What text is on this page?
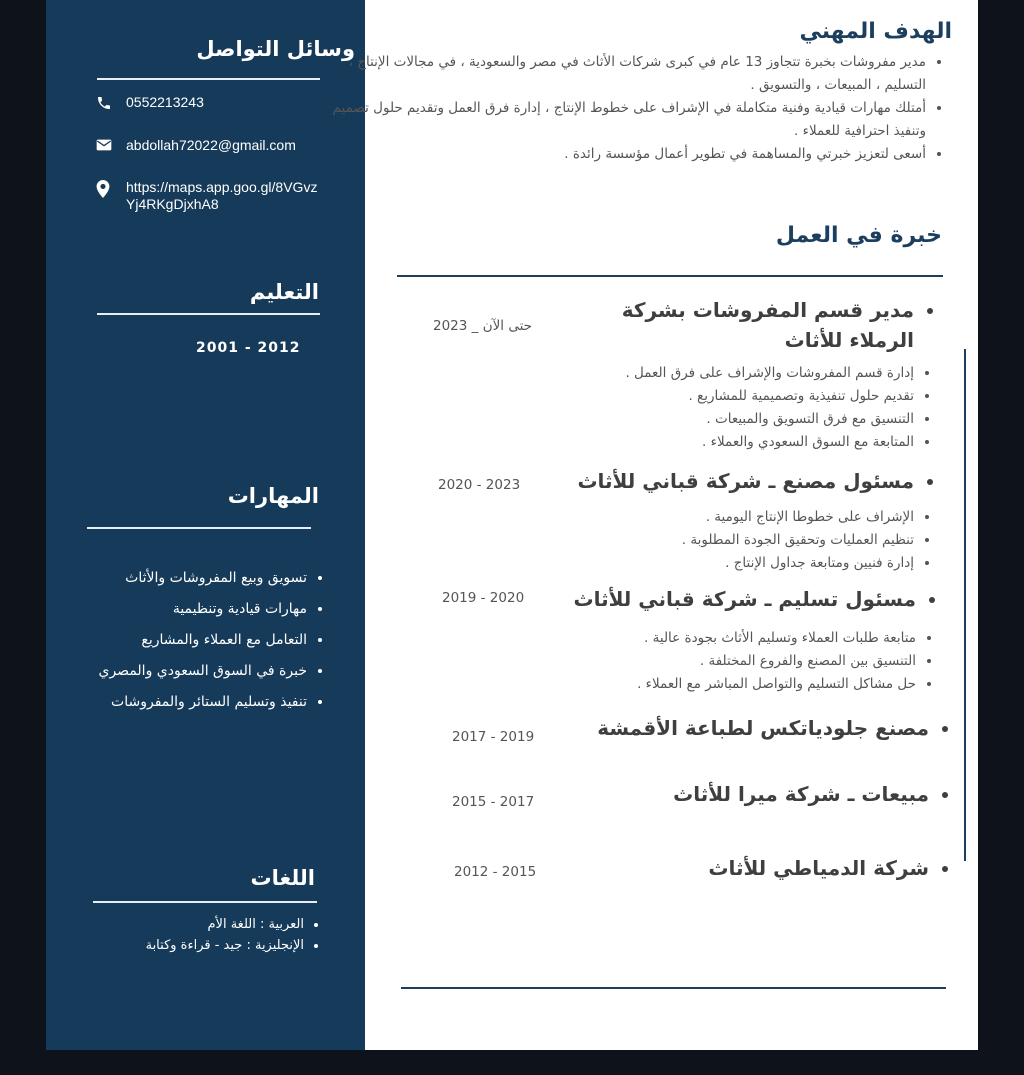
وسائل التواصل
0552213243
abdollah72022@gmail.com
https://maps.app.goo.gl/8VGvzYj4RKgDjxhA8
التعليم
2012 - 2001
المهارات
• تسويق وبيع المفروشات والأثاث
• مهارات قيادية وتنظيمية
• التعامل مع العملاء والمشاريع
• خبرة في السوق السعودي والمصري
• تنفيذ وتسليم الستائر والمفروشات
اللغات
• العربية : اللغة الأم
• الإنجليزية : جيد - قراءة وكتابة
الهدف المهني
• مدير مفروشات بخبرة تتجاوز 13 عام في كبرى شركات الأثاث في مصر والسعودية ، في مجالات الإنتاج ، التسليم ، المبيعات ، والتسويق .
• أمتلك مهارات قيادية وفنية متكاملة في الإشراف على خطوط الإنتاج ، إدارة فرق العمل وتقديم حلول تصميم وتنفيذ احترافية للعملاء .
• أسعى لتعزيز خبرتي والمساهمة في تطوير أعمال مؤسسة رائدة .
خبرة في العمل
• مدير قسم المفروشات بشركة الرملاء للأثاث
حتى الآن _ 2023
• إدارة قسم المفروشات والإشراف على فرق العمل .
• تقديم حلول تنفيذية وتصميمية للمشاريع .
• التنسيق مع فرق التسويق والمبيعات .
• المتابعة مع السوق السعودي والعملاء .
• مسئول مصنع ـ شركة قباني للأثاث
2020 - 2023
• الإشراف على خطوطا الإنتاج اليومية .
• تنظيم العمليات وتحقيق الجودة المطلوبة .
• إدارة فنيين ومتابعة جداول الإنتاج .
• مسئول تسليم ـ شركة قباني للأثاث
2019 - 2020
• متابعة طلبات العملاء وتسليم الأثاث بجودة عالية .
• التنسيق بين المصنع والفروع المختلفة .
• حل مشاكل التسليم والتواصل المباشر مع العملاء .
• مصنع جلودياتكس لطباعة الأقمشة
2017 - 2019
• مبيعات ـ شركة ميرا للأثاث
2015 - 2017
• شركة الدمياطي للأثاث
2012 - 2015
